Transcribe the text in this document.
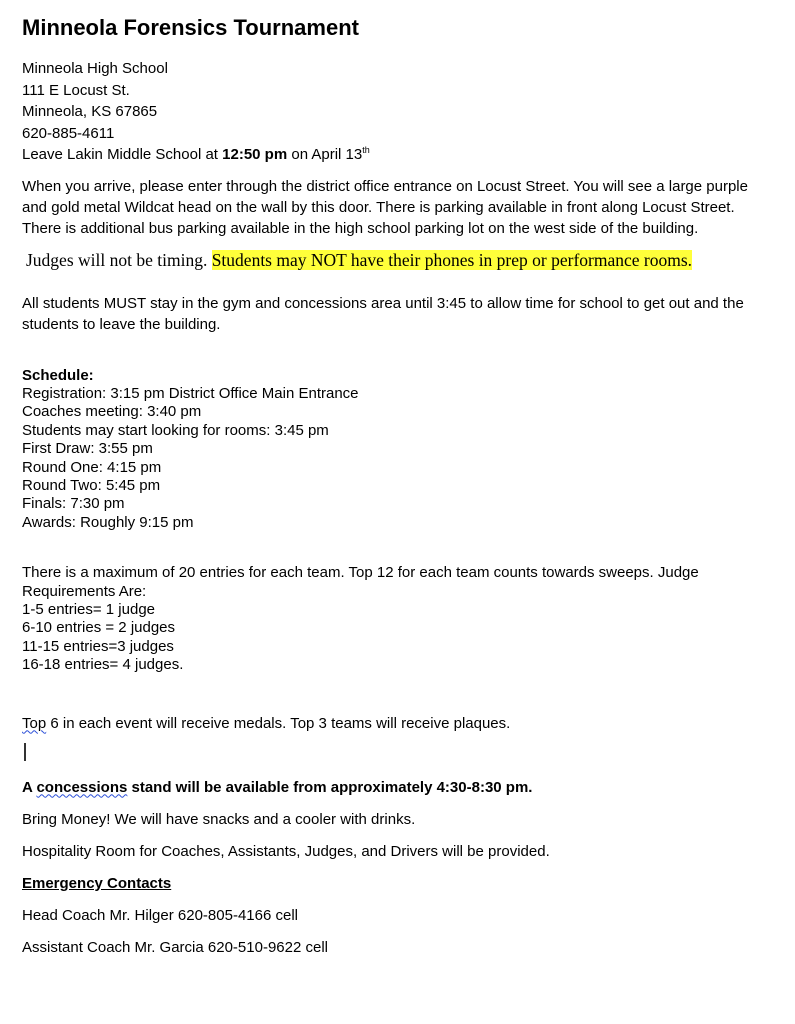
Minneola Forensics Tournament
Minneola High School
111 E Locust St.
Minneola, KS 67865
620-885-4611
Leave Lakin Middle School at 12:50 pm on April 13th

When you arrive, please enter through the district office entrance on Locust Street. You will see a large purple and gold metal Wildcat head on the wall by this door. There is parking available in front along Locust Street. There is additional bus parking available in the high school parking lot on the west side of the building.

Judges will not be timing. Students may NOT have their phones in prep or performance rooms.

All students MUST stay in the gym and concessions area until 3:45 to allow time for school to get out and the students to leave the building.

Schedule:
Registration: 3:15 pm District Office Main Entrance
Coaches meeting: 3:40 pm
Students may start looking for rooms: 3:45 pm
First Draw: 3:55 pm
Round One: 4:15 pm
Round Two: 5:45 pm
Finals: 7:30 pm
Awards: Roughly 9:15 pm
There is a maximum of 20 entries for each team. Top 12 for each team counts towards sweeps. Judge Requirements Are:
1-5 entries= 1 judge
6-10 entries = 2 judges
11-15 entries=3 judges
16-18 entries= 4 judges.

Top 6 in each event will receive medals. Top 3 teams will receive plaques.

A concessions stand will be available from approximately 4:30-8:30 pm.

Bring Money! We will have snacks and a cooler with drinks.

Hospitality Room for Coaches, Assistants, Judges, and Drivers will be provided.

Emergency Contacts

Head Coach Mr. Hilger 620-805-4166 cell

Assistant Coach Mr. Garcia 620-510-9622 cell
